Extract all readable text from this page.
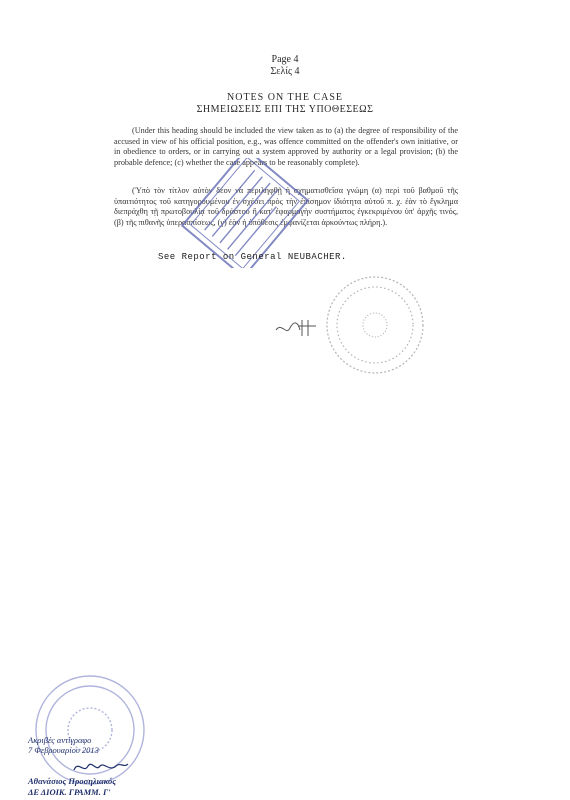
Page 4
Σελίς 4
NOTES ON THE CASE
ΣΗΜΕΙΩΣΕΙΣ ΕΠΙ ΤΗΣ ΥΠΟΘΕΣΕΩΣ
(Under this heading should be included the view taken as to (a) the degree of responsibility of the accused in view of his official position, e.g., was offence committed on the offender's own initiative, or in obedience to orders, or in carrying out a system approved by authority or a legal provision; (b) the probable defence; (c) whether the case appears to be reasonably complete).
(Ὑπὸ τὸν τίτλον αὐτὸν δέον νὰ περιληφθῇ ἡ σχηματισθεῖσα γνώμη (α) περὶ τοῦ βαθμοῦ τῆς ὑπαιτιότητος τοῦ κατηγορουμένου ἐν σχέσει πρὸς τὴν ἐπίσημον ἰδιότητα αὐτοῦ π. χ. ἐὰν τὸ ἔγκλημα διεπράχθη τῇ πρωτοβουλίᾳ τοῦ δράστου ἢ κατ' ἐφαρμογὴν συστήματος ἐγκεκριμένου ὑπ' ἀρχῆς τινός, (β) τῆς πιθανῆς ὑπερασπίσεως, (γ) ἐὰν ἡ ὑπόθεσις ἐμφανίζεται ἀρκούντως πλήρη.).
See Report on General NEUBACHER.
Ακριβές αντίγραφο
7 Φεβρουαρίου 2013
Αθανάσιος Προσηλιακός
ΔΕ ΔΙΟΙΚ. ΓΡΑΜΜ. Γ'
